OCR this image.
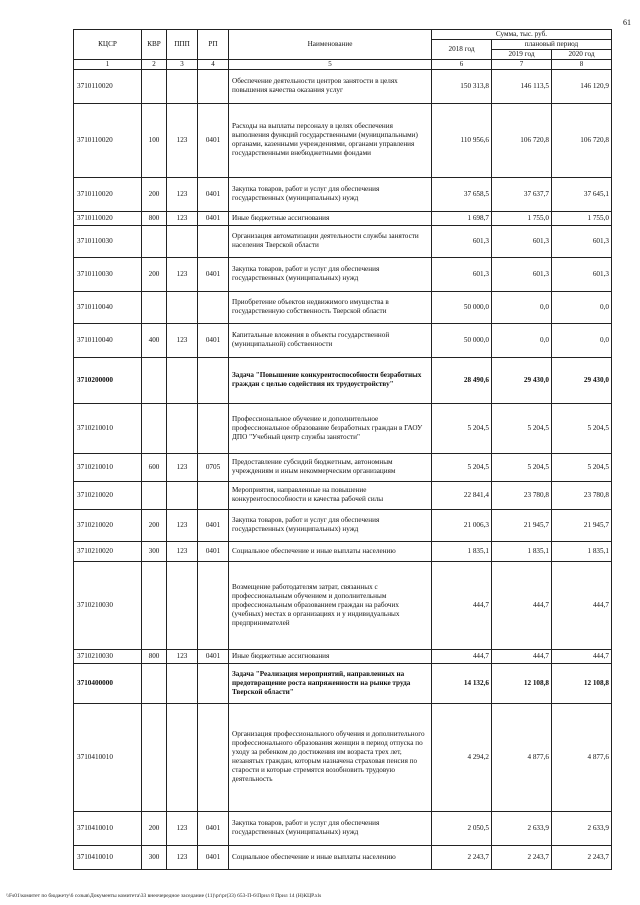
61
КЦСР	КВР	ППП	РП	Наименование	Сумма, тыс. руб.		
					2018 год	плановый период	
						2019 год	2020 год
1	2	3	4	5	6	7	8
3710110020				Обеспечение деятельности центров занятости в целях повышения качества оказания услуг	150 313,8	146 113,5	146 120,9
3710110020	100	123	0401	Расходы на выплаты персоналу в целях обеспечения выполнения функций государственными (муниципальными) органами, казенными учреждениями, органами управления государственными внебюджетными фондами	110 956,6	106 720,8	106 720,8
3710110020	200	123	0401	Закупка товаров, работ и услуг для обеспечения государственных (муниципальных) нужд	37 658,5	37 637,7	37 645,1
3710110020	800	123	0401	Иные бюджетные ассигнования	1 698,7	1 755,0	1 755,0
3710110030				Организация автоматизации деятельности службы занятости населения Тверской области	601,3	601,3	601,3
3710110030	200	123	0401	Закупка товаров, работ и услуг для обеспечения государственных (муниципальных) нужд	601,3	601,3	601,3
3710110040				Приобретение объектов недвижимого имущества в государственную собственность Тверской области	50 000,0	0,0	0,0
3710110040	400	123	0401	Капитальные вложения в объекты государственной (муниципальной) собственности	50 000,0	0,0	0,0
3710200000				Задача "Повышение конкурентоспособности безработных граждан с целью содействия их трудоустройству"	28 490,6	29 430,0	29 430,0
3710210010				Профессиональное обучение и дополнительное профессиональное образование безработных граждан в ГАОУ ДПО "Учебный центр службы занятости"	5 204,5	5 204,5	5 204,5
3710210010	600	123	0705	Предоставление субсидий бюджетным, автономным учреждениям и иным некоммерческим организациям	5 204,5	5 204,5	5 204,5
3710210020				Мероприятия, направленные на повышение конкурентоспособности и качества рабочей силы	22 841,4	23 780,8	23 780,8
3710210020	200	123	0401	Закупка товаров, работ и услуг для обеспечения государственных (муниципальных) нужд	21 006,3	21 945,7	21 945,7
3710210020	300	123	0401	Социальное обеспечение и иные выплаты населению	1 835,1	1 835,1	1 835,1
3710210030				Возмещение работодателям затрат, связанных с профессиональным обучением и дополнительным профессиональным образованием граждан на рабочих (учебных) местах в организациях и у индивидуальных предпринимателей	444,7	444,7	444,7
3710210030	800	123	0401	Иные бюджетные ассигнования	444,7	444,7	444,7
3710400000				Задача "Реализация мероприятий, направленных на предотвращение роста напряженности на рынке труда Тверской области"	14 132,6	12 108,8	12 108,8
3710410010				Организация профессионального обучения и дополнительного профессионального образования женщин в период отпуска по уходу за ребенком до достижения им возраста трех лет, незанятых граждан, которым назначена страховая пенсия по старости и которые стремятся возобновить трудовую деятельность	4 294,2	4 877,6	4 877,6
3710410010	200	123	0401	Закупка товаров, работ и услуг для обеспечения государственных (муниципальных) нужд	2 050,5	2 633,9	2 633,9
3710410010	300	123	0401	Социальное обеспечение и иные выплаты населению	2 243,7	2 243,7	2 243,7
\\Fs01\комитет по бюджету\6 созыв\Документы комитета\33 внеочередное заседание (11)\pr\pr(33) 653-П-6\Прил 8 Прил 14 (Н)КЦР.xls
